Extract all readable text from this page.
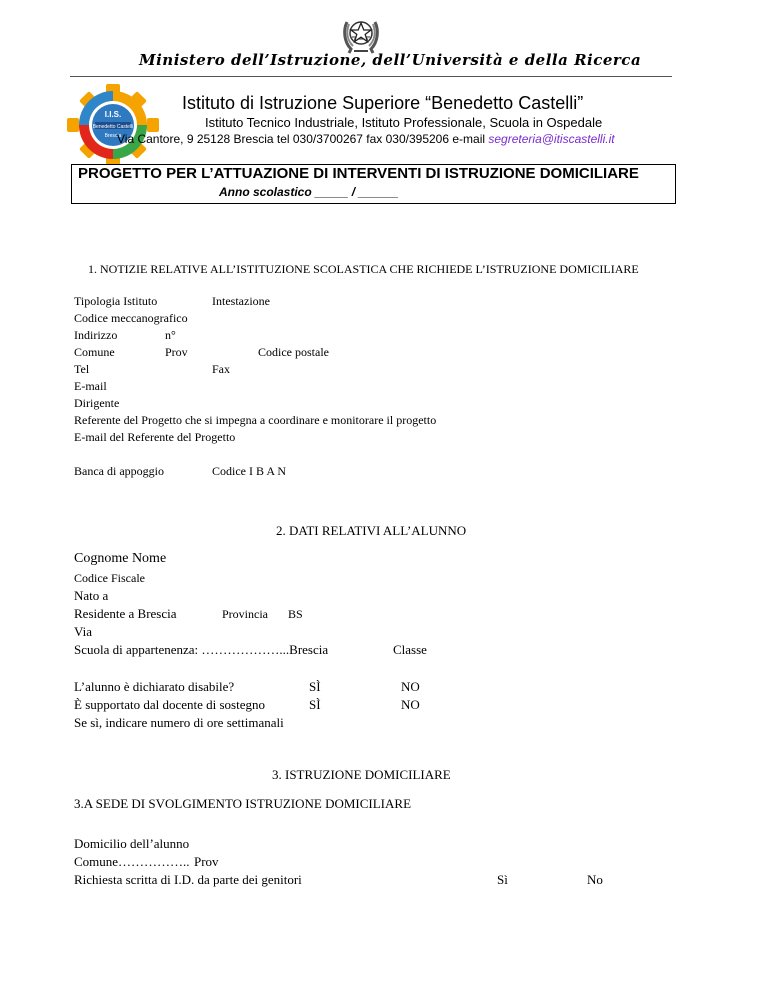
Ministero dell’Istruzione, dell’Università e della Ricerca
I.I.S.
Benedetto Castelli
Brescia
Istituto di Istruzione Superiore “Benedetto Castelli”
Istituto Tecnico Industriale, Istituto Professionale, Scuola in Ospedale
Via Cantore, 9 25128 Brescia tel 030/3700267 fax 030/395206 e-mail segreteria@itiscastelli.it
PROGETTO PER L’ATTUAZIONE DI INTERVENTI DI ISTRUZIONE DOMICILIARE
Anno scolastico _____ / ______
1. NOTIZIE RELATIVE ALL’ISTITUZIONE SCOLASTICA CHE RICHIEDE L’ISTRUZIONE DOMICILIARE
Tipologia Istituto	Intestazione
Codice meccanografico
Indirizzo	n°
Comune	Prov	Codice postale
Tel	Fax
E-mail
Dirigente
Referente del Progetto che si impegna a coordinare e monitorare il progetto
E-mail del Referente del Progetto
Banca di appoggio	Codice I B A N
2. DATI RELATIVI ALL’ALUNNO
Cognome Nome
Codice Fiscale
Nato a
Residente a Brescia	Provincia BS
Via
Scuola di appartenenza: ………………...Brescia	Classe
L’alunno è dichiarato disabile?	SÌ	NO
È supportato dal docente di sostegno	SÌ	NO
Se sì, indicare numero di ore settimanali
3. ISTRUZIONE DOMICILIARE
3.A SEDE DI SVOLGIMENTO ISTRUZIONE DOMICILIARE
Domicilio dell’alunno
Comune…………….. Prov
Richiesta scritta di I.D. da parte dei genitori	Sì	No
